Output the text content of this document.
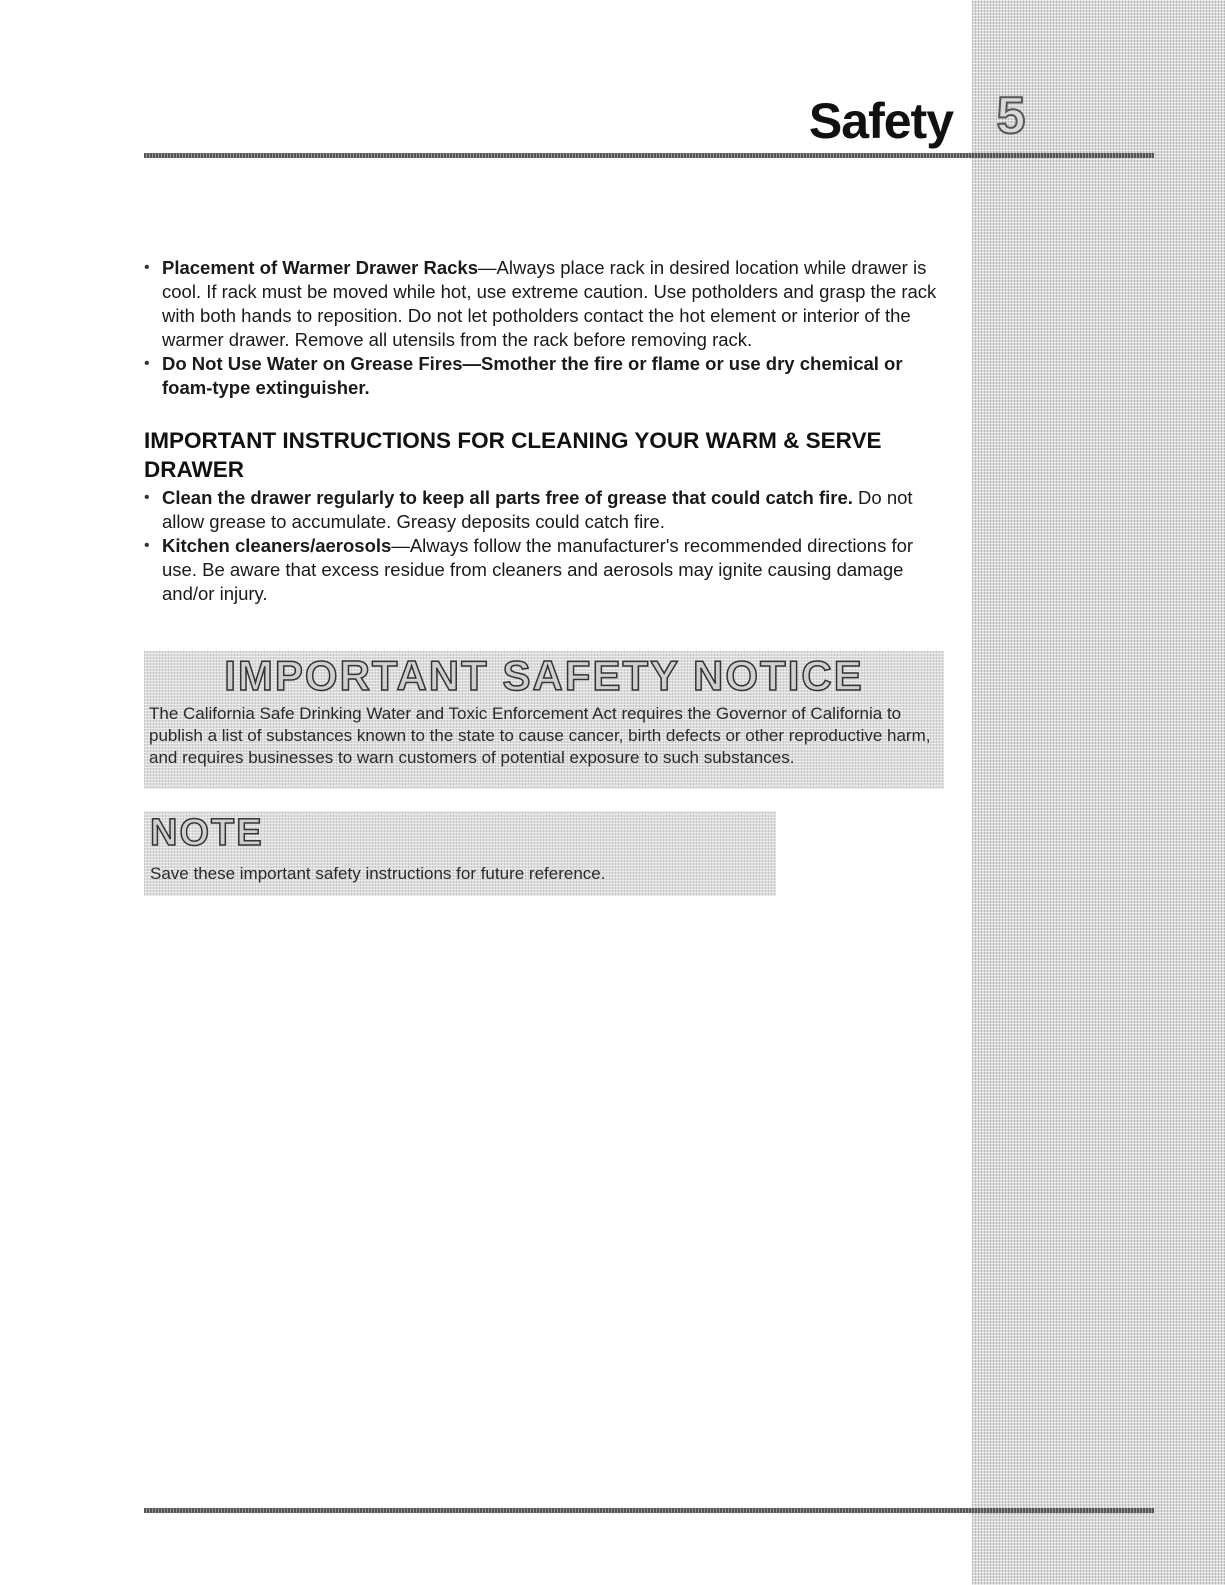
Safety 5
• Placement of Warmer Drawer Racks—Always place rack in desired location while drawer is cool. If rack must be moved while hot, use extreme caution. Use potholders and grasp the rack with both hands to reposition. Do not let potholders contact the hot element or interior of the warmer drawer. Remove all utensils from the rack before removing rack.
• Do Not Use Water on Grease Fires—Smother the fire or flame or use dry chemical or foam-type extinguisher.
IMPORTANT INSTRUCTIONS FOR CLEANING YOUR WARM & SERVE DRAWER
• Clean the drawer regularly to keep all parts free of grease that could catch fire. Do not allow grease to accumulate. Greasy deposits could catch fire.
• Kitchen cleaners/aerosols—Always follow the manufacturer's recommended directions for use. Be aware that excess residue from cleaners and aerosols may ignite causing damage and/or injury.
IMPORTANT SAFETY NOTICE
The California Safe Drinking Water and Toxic Enforcement Act requires the Governor of California to publish a list of substances known to the state to cause cancer, birth defects or other reproductive harm, and requires businesses to warn customers of potential exposure to such substances.
NOTE
Save these important safety instructions for future reference.
